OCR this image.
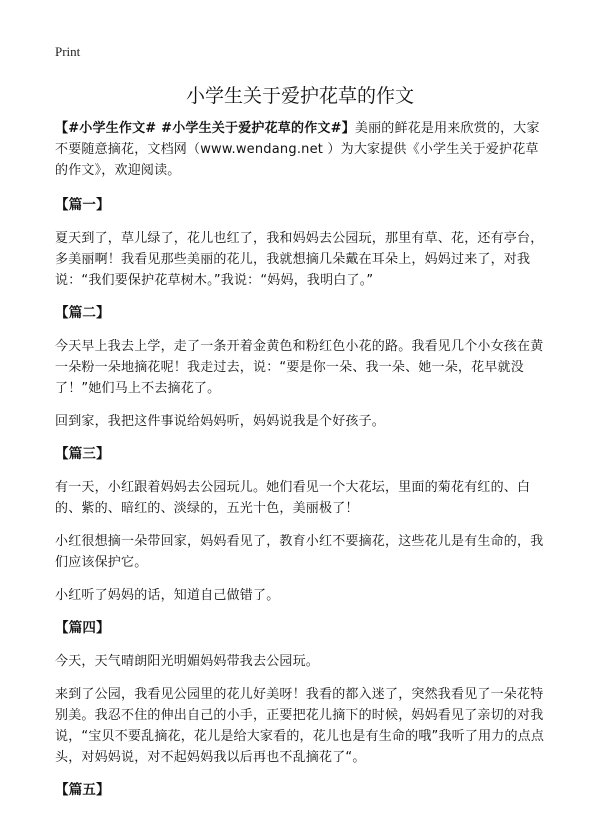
Print
小学生关于爱护花草的作文

【#小学生作文# #小学生关于爱护花草的作文#】美丽的鲜花是用来欣赏的，大家不要随意摘花，文档网（www.wendang.net ）为大家提供《小学生关于爱护花草的作文》，欢迎阅读。

【篇一】

夏天到了，草儿绿了，花儿也红了，我和妈妈去公园玩，那里有草、花，还有亭台，多美丽啊！我看见那些美丽的花儿，我就想摘几朵戴在耳朵上，妈妈过来了，对我说：“我们要保护花草树木。”我说：“妈妈，我明白了。”

【篇二】

今天早上我去上学，走了一条开着金黄色和粉红色小花的路。我看见几个小女孩在黄一朵粉一朵地摘花呢！我走过去，说：“要是你一朵、我一朵、她一朵，花早就没了！”她们马上不去摘花了。

回到家，我把这件事说给妈妈听，妈妈说我是个好孩子。

【篇三】

有一天，小红跟着妈妈去公园玩儿。她们看见一个大花坛，里面的菊花有红的、白的、紫的、暗红的、淡绿的，五光十色，美丽极了！

小红很想摘一朵带回家，妈妈看见了，教育小红不要摘花，这些花儿是有生命的，我们应该保护它。

小红听了妈妈的话，知道自己做错了。

【篇四】

今天，天气晴朗阳光明媚妈妈带我去公园玩。

来到了公园，我看见公园里的花儿好美呀！我看的都入迷了，突然我看见了一朵花特别美。我忍不住的伸出自己的小手，正要把花儿摘下的时候，妈妈看见了亲切的对我说，“宝贝不要乱摘花，花儿是给大家看的，花儿也是有生命的哦”我听了用力的点点头，对妈妈说，对不起妈妈我以后再也不乱摘花了“。

【篇五】
